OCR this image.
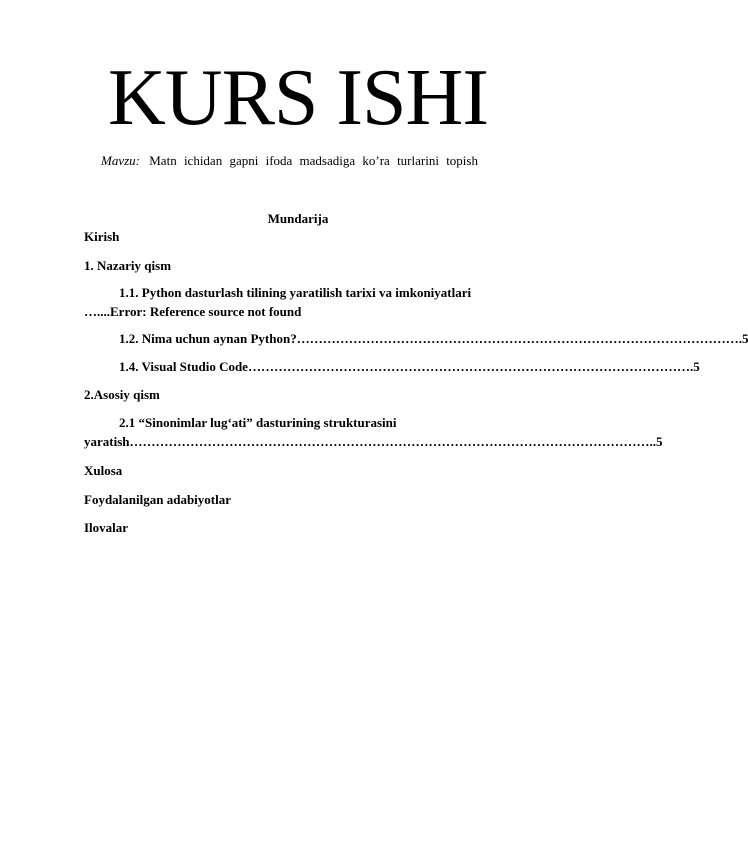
KURS ISHI
Mavzu: Matn ichidan gapni ifoda madsadiga ko’ra turlarini topish
Mundarija
Kirish
1. Nazariy qism
1.1. Python dasturlash tilining yaratilish tarixi va imkoniyatlari
…....Error: Reference source not found
1.2. Nima uchun aynan Python? ………………………………………………………………………………………… .5
1.4. Visual Studio Code ………………………………………………………………………………………… .5
2.Asosiy qism
2.1 “Sinonimlar lug‘ati” dasturining strukturasini
yaratish ………………………………………………………………………………………………………… ..5
Xulosa
Foydalanilgan adabiyotlar
Ilovalar
